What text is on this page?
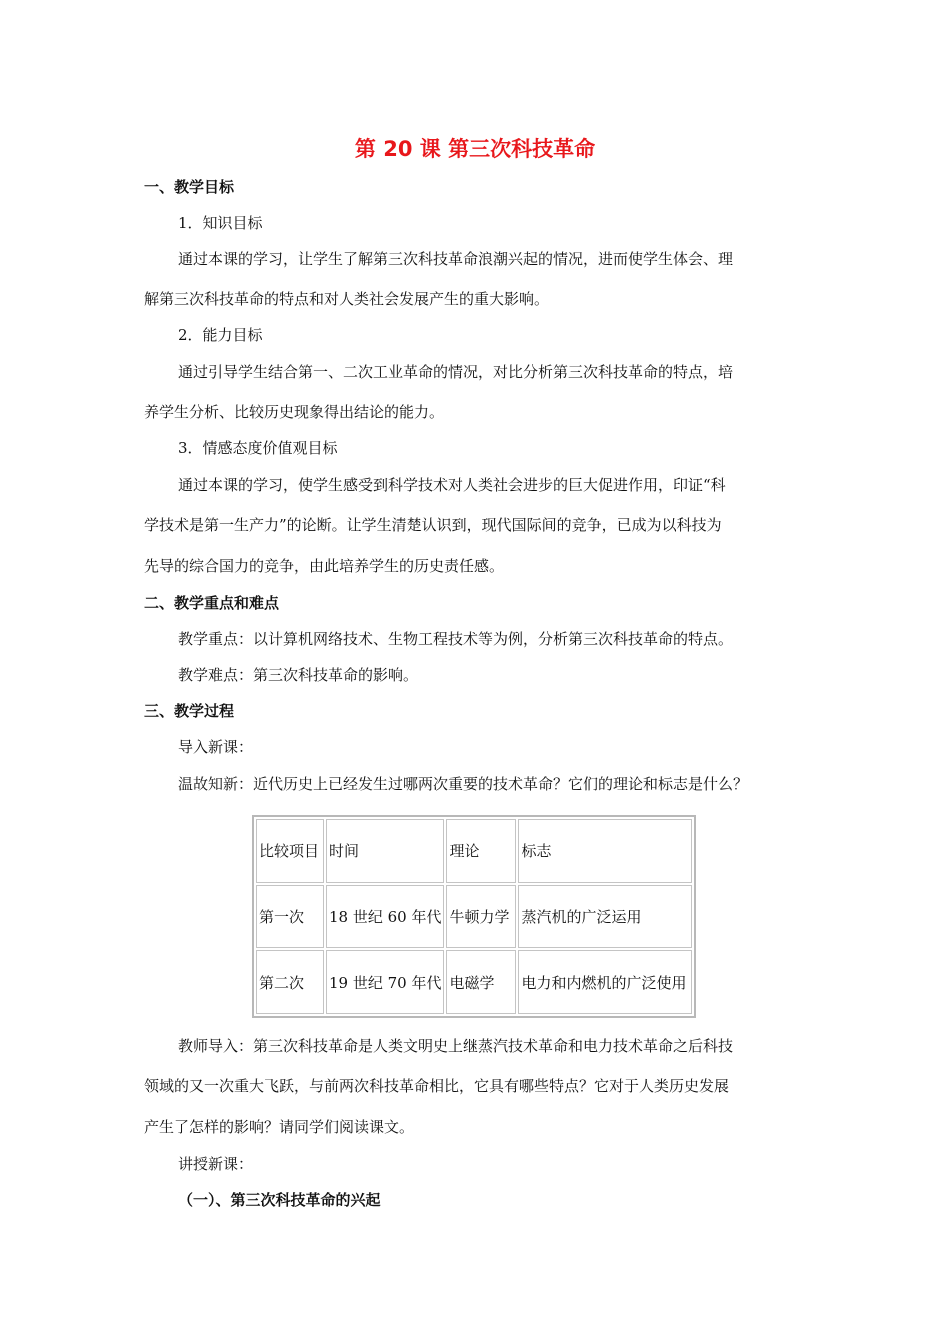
第 20 课 第三次科技革命
一、教学目标
1．知识目标
通过本课的学习，让学生了解第三次科技革命浪潮兴起的情况，进而使学生体会、理
解第三次科技革命的特点和对人类社会发展产生的重大影响。
2．能力目标
通过引导学生结合第一、二次工业革命的情况，对比分析第三次科技革命的特点，培
养学生分析、比较历史现象得出结论的能力。
3．情感态度价值观目标
通过本课的学习，使学生感受到科学技术对人类社会进步的巨大促进作用，印证“科
学技术是第一生产力”的论断。让学生清楚认识到，现代国际间的竞争，已成为以科技为
先导的综合国力的竞争，由此培养学生的历史责任感。
二、教学重点和难点
教学重点：以计算机网络技术、生物工程技术等为例，分析第三次科技革命的特点。
教学难点：第三次科技革命的影响。
三、教学过程
导入新课：
温故知新：近代历史上已经发生过哪两次重要的技术革命？它们的理论和标志是什么？
比较项目	时间	理论	标志
第一次	18 世纪 60 年代	牛顿力学	蒸汽机的广泛运用
第二次	19 世纪 70 年代	电磁学	电力和内燃机的广泛使用
教师导入：第三次科技革命是人类文明史上继蒸汽技术革命和电力技术革命之后科技
领域的又一次重大飞跃，与前两次科技革命相比，它具有哪些特点？它对于人类历史发展
产生了怎样的影响？请同学们阅读课文。
讲授新课：
（一）、第三次科技革命的兴起
